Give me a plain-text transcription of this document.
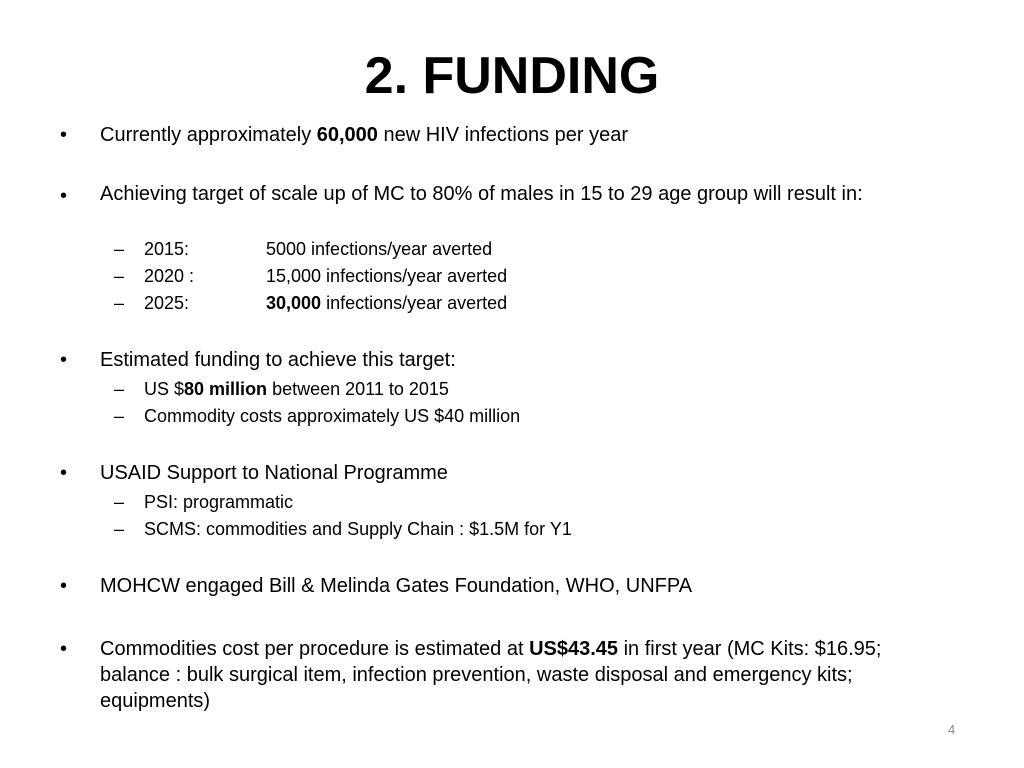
2. FUNDING
•	Currently approximately 60,000 new HIV infections per year
•	Achieving target of scale up of MC to 80% of males in 15 to 29 age group will result in:
– 2015:	5000 infections/year averted
– 2020 :	15,000 infections/year averted
– 2025:	30,000 infections/year averted
•	Estimated funding to achieve this target:
– US $80 million between 2011 to 2015
– Commodity costs approximately US $40 million
•	USAID Support to National Programme
– PSI: programmatic
– SCMS: commodities and Supply Chain : $1.5M for Y1
•	MOHCW engaged Bill & Melinda Gates Foundation, WHO, UNFPA
•	Commodities cost per procedure is estimated at US$43.45 in first year (MC Kits: $16.95; balance : bulk surgical item, infection prevention, waste disposal and emergency kits; equipments)
4
